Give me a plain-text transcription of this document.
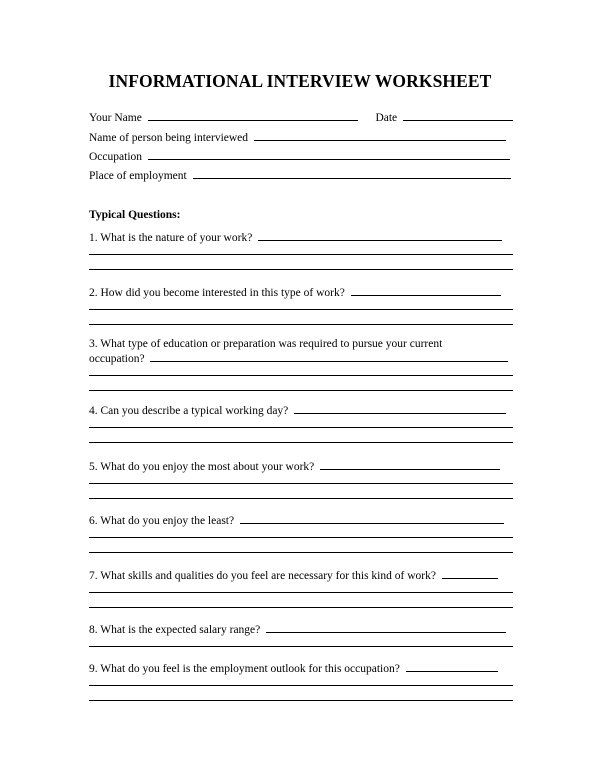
INFORMATIONAL INTERVIEW WORKSHEET
Your Name	Date
Name of person being interviewed
Occupation
Place of employment
Typical Questions:
1. What is the nature of your work?
2. How did you become interested in this type of work?
3. What type of education or preparation was required to pursue your current
occupation?
4. Can you describe a typical working day?
5. What do you enjoy the most about your work?
6. What do you enjoy the least?
7. What skills and qualities do you feel are necessary for this kind of work?
8. What is the expected salary range?
9. What do you feel is the employment outlook for this occupation?
